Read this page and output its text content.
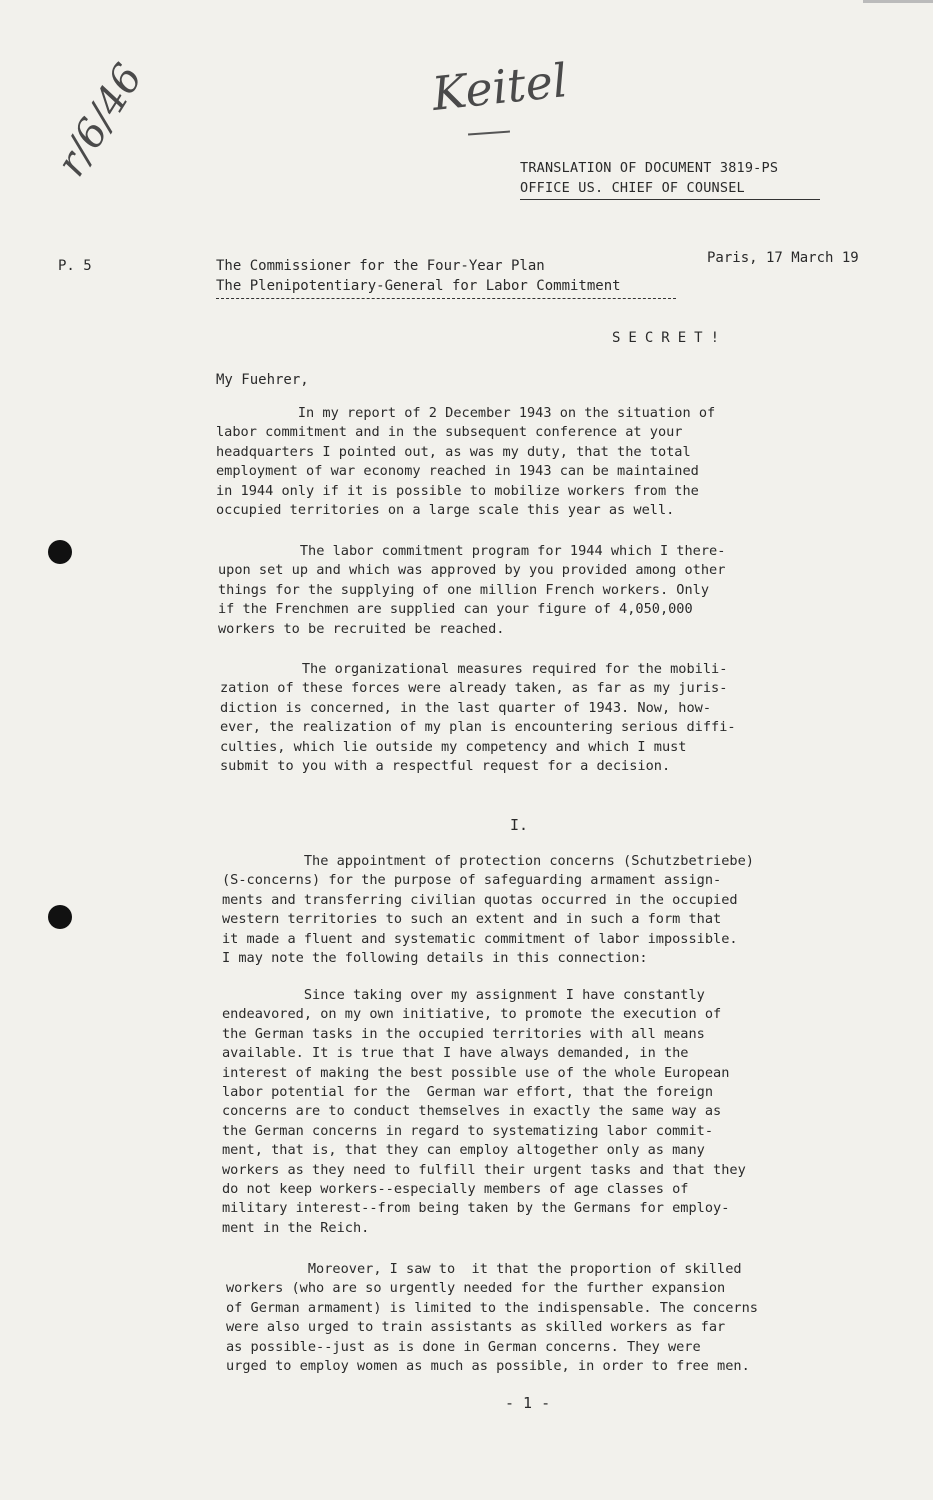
Keitel
r/6/46	TRANSLATION OF DOCUMENT 3819-PS
OFFICE US. CHIEF OF COUNSEL
P. 5	Paris, 17 March 19
The Commissioner for the Four-Year Plan
The Plenipotentiary-General for Labor Commitment
SECRET!
My Fuehrer,
In my report of 2 December 1943 on the situation of
labor commitment and in the subsequent conference at your
headquarters I pointed out, as was my duty, that the total
employment of war economy reached in 1943 can be maintained
in 1944 only if it is possible to mobilize workers from the
occupied territories on a large scale this year as well.
The labor commitment program for 1944 which I there-
upon set up and which was approved by you provided among other
things for the supplying of one million French workers. Only
if the Frenchmen are supplied can your figure of 4,050,000
workers to be recruited be reached.
The organizational measures required for the mobili-
zation of these forces were already taken, as far as my juris-
diction is concerned, in the last quarter of 1943. Now, how-
ever, the realization of my plan is encountering serious diffi-
culties, which lie outside my competency and which I must
submit to you with a respectful request for a decision.
I.
The appointment of protection concerns (Schutzbetriebe)
(S-concerns) for the purpose of safeguarding armament assign-
ments and transferring civilian quotas occurred in the occupied
western territories to such an extent and in such a form that
it made a fluent and systematic commitment of labor impossible.
I may note the following details in this connection:
Since taking over my assignment I have constantly
endeavored, on my own initiative, to promote the execution of
the German tasks in the occupied territories with all means
available. It is true that I have always demanded, in the
interest of making the best possible use of the whole European
labor potential for the  German war effort, that the foreign
concerns are to conduct themselves in exactly the same way as
the German concerns in regard to systematizing labor commit-
ment, that is, that they can employ altogether only as many
workers as they need to fulfill their urgent tasks and that they
do not keep workers--especially members of age classes of
military interest--from being taken by the Germans for employ-
ment in the Reich.
Moreover, I saw to  it that the proportion of skilled
workers (who are so urgently needed for the further expansion
of German armament) is limited to the indispensable. The concerns
were also urged to train assistants as skilled workers as far
as possible--just as is done in German concerns. They were
urged to employ women as much as possible, in order to free men.
- 1 -
